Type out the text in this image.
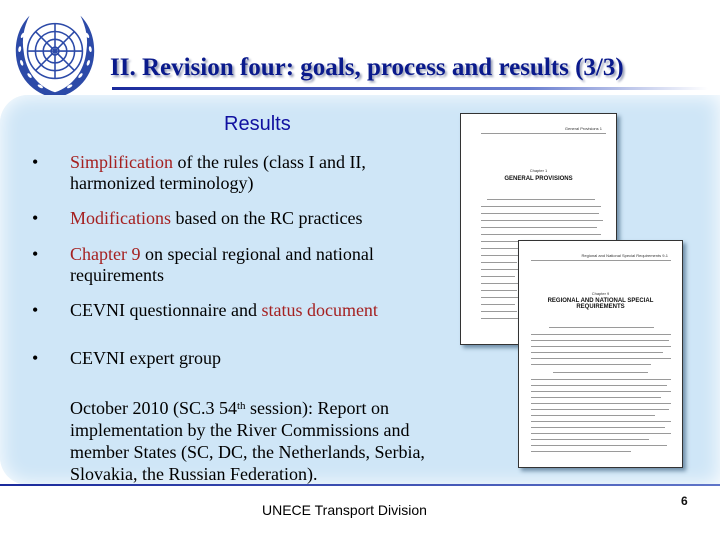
II. Revision four: goals, process and results (3/3)
Results
• Simplification of the rules (class I and II, harmonized terminology)
• Modifications based on the RC practices
• Chapter 9 on special regional and national requirements
• CEVNI questionnaire and status document
• CEVNI expert group
October 2010 (SC.3 54th session): Report on implementation by the River Commissions and member States (SC, DC, the Netherlands, Serbia, Slovakia, the Russian Federation).
General Provisions 1
Chapter 1
GENERAL PROVISIONS
Regional and National Special Requirements 9-1
Chapter 9
REGIONAL AND NATIONAL SPECIAL REQUIREMENTS
UNECE Transport Division
6
